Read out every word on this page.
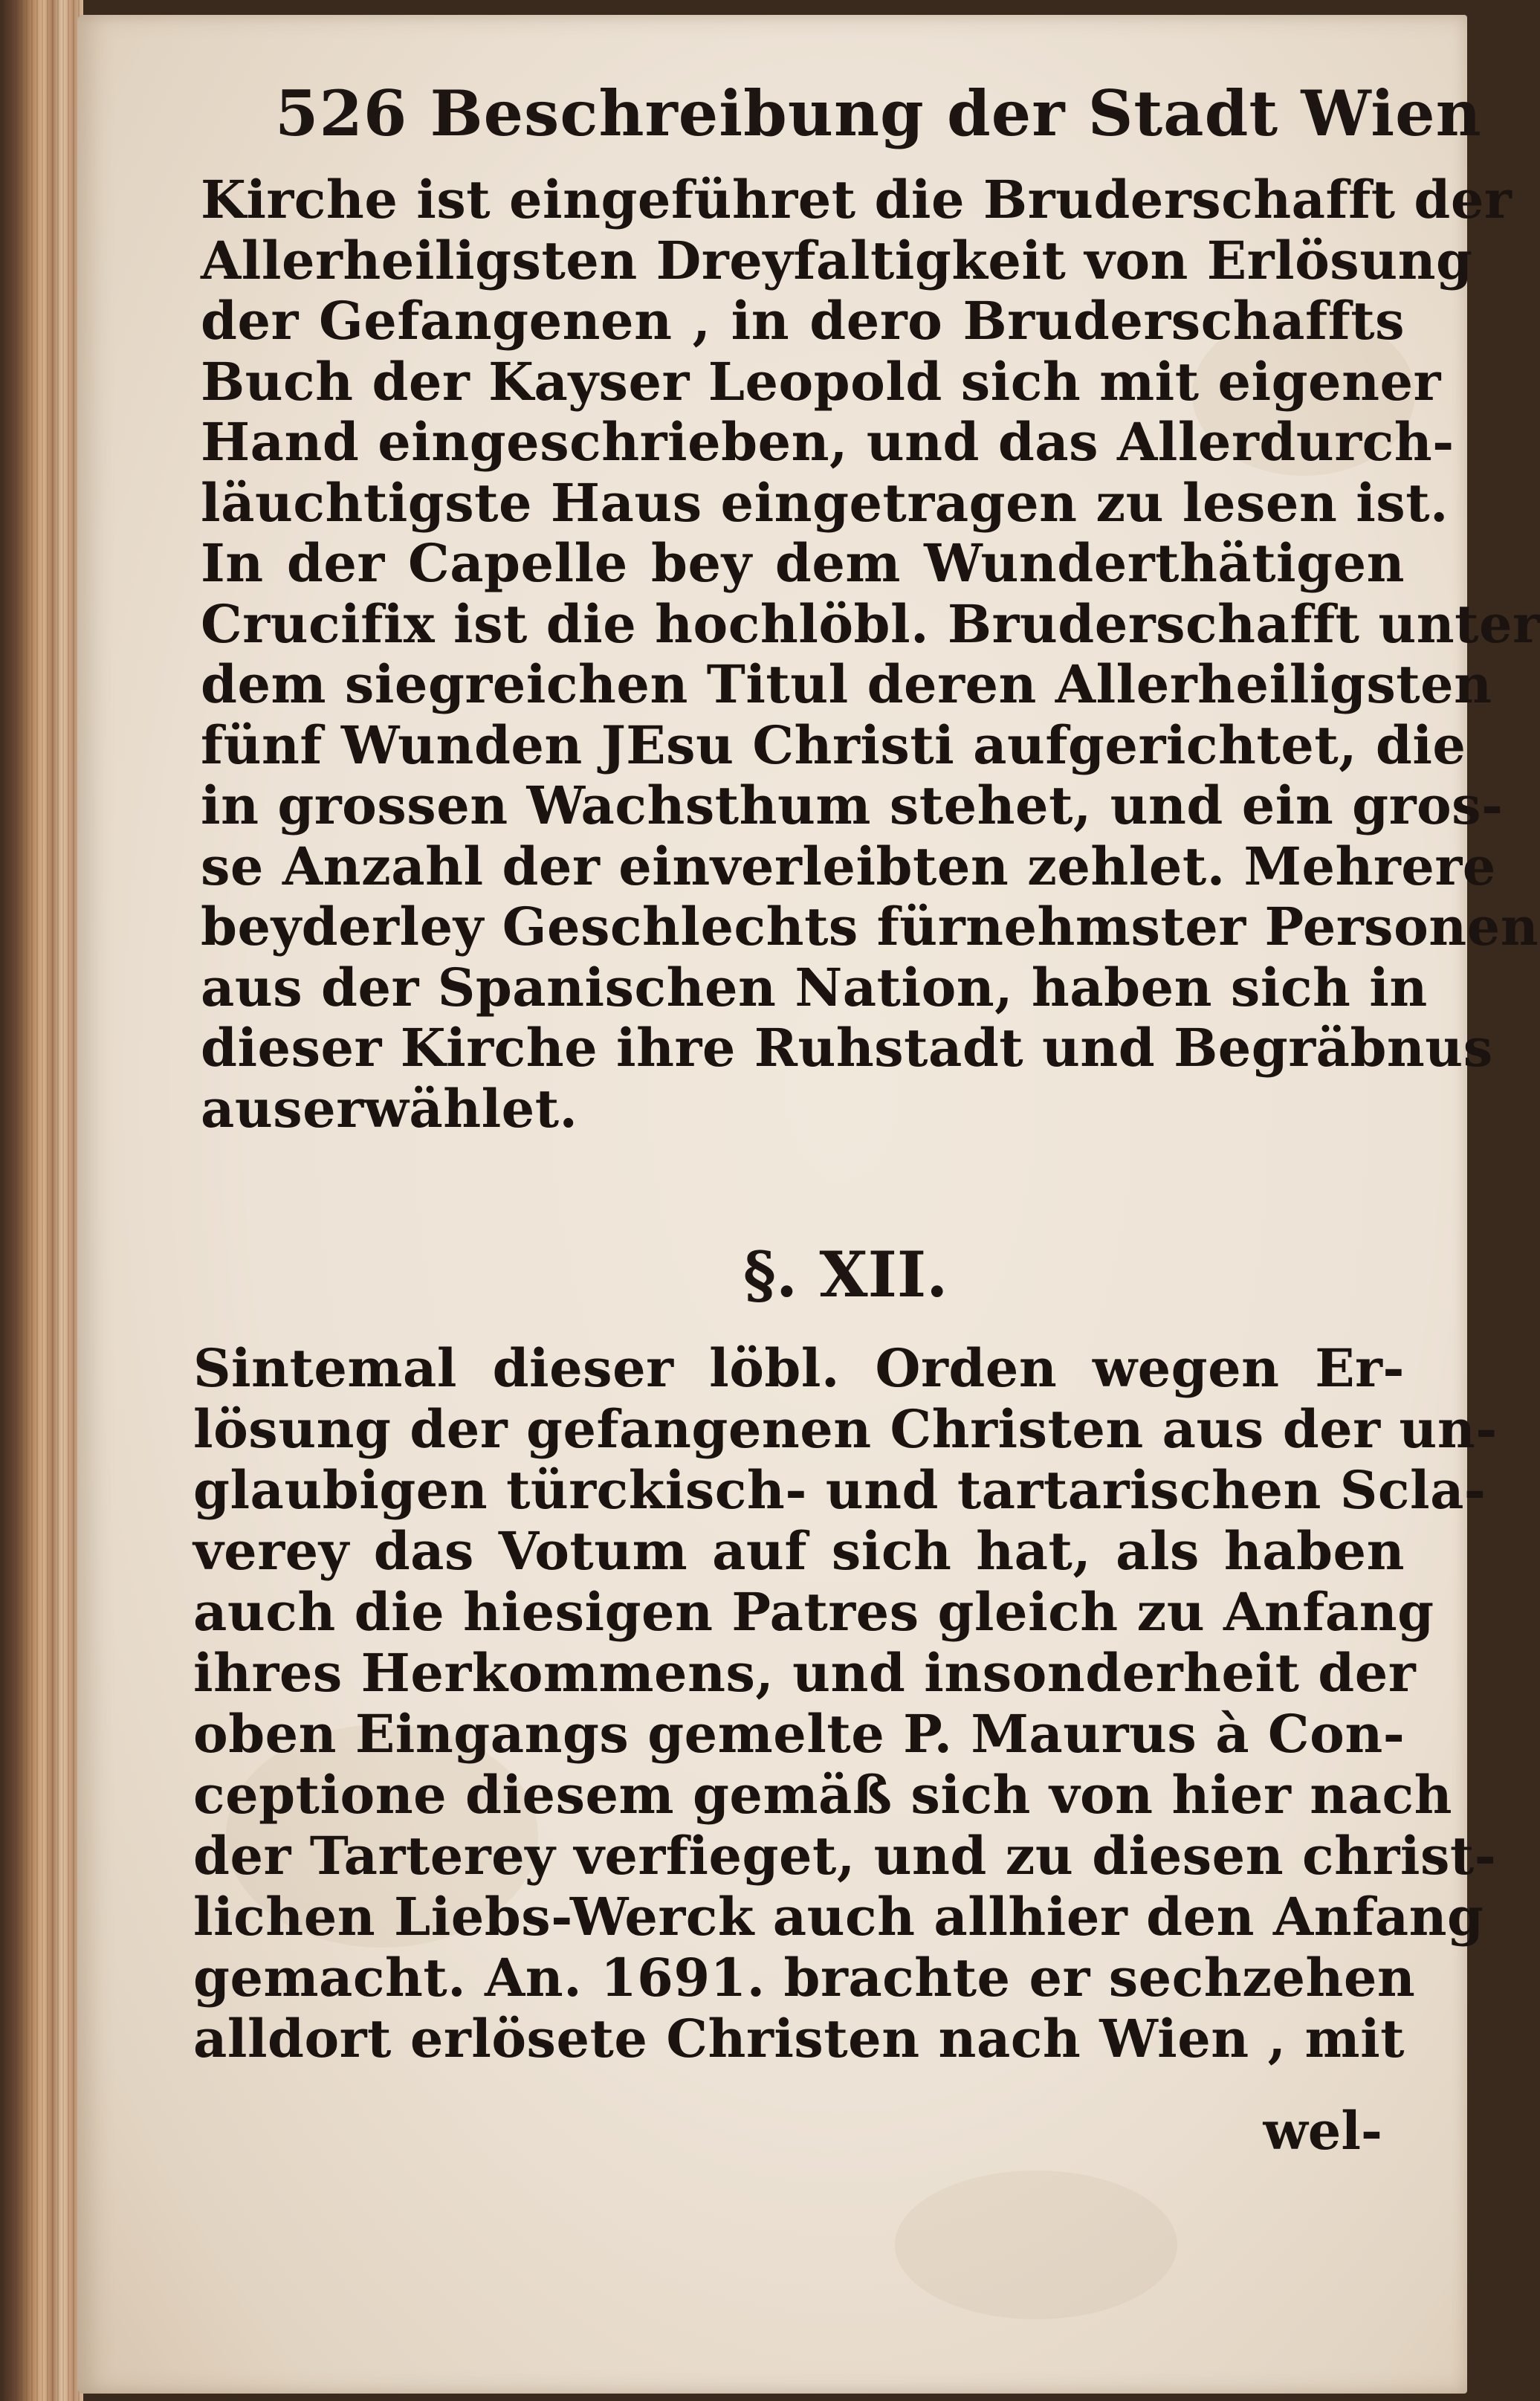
526 Beschreibung der Stadt Wien
Kirche ist eingeführet die Bruderschafft der
Allerheiligsten Dreyfaltigkeit von Erlösung
der Gefangenen , in dero Bruderschaffts
Buch der Kayser Leopold sich mit eigener
Hand eingeschrieben, und das Allerdurch-
läuchtigste Haus eingetragen zu lesen ist.
In der Capelle bey dem Wunderthätigen
Crucifix ist die hochlöbl. Bruderschafft unter
dem siegreichen Titul deren Allerheiligsten
fünf Wunden JEsu Christi aufgerichtet, die
in grossen Wachsthum stehet, und ein gros-
se Anzahl der einverleibten zehlet. Mehrere
beyderley Geschlechts fürnehmster Personen
aus der Spanischen Nation, haben sich in
dieser Kirche ihre Ruhstadt und Begräbnus
auserwählet.
§. XII.
Sintemal dieser löbl. Orden wegen Er-
lösung der gefangenen Christen aus der un-
glaubigen türckisch- und tartarischen Scla-
verey das Votum auf sich hat, als haben
auch die hiesigen Patres gleich zu Anfang
ihres Herkommens, und insonderheit der
oben Eingangs gemelte P. Maurus à Con-
ceptione diesem gemäß sich von hier nach
der Tarterey verfieget, und zu diesen christ-
lichen Liebs-Werck auch allhier den Anfang
gemacht. An. 1691. brachte er sechzehen
alldort erlösete Christen nach Wien , mit
wel-
